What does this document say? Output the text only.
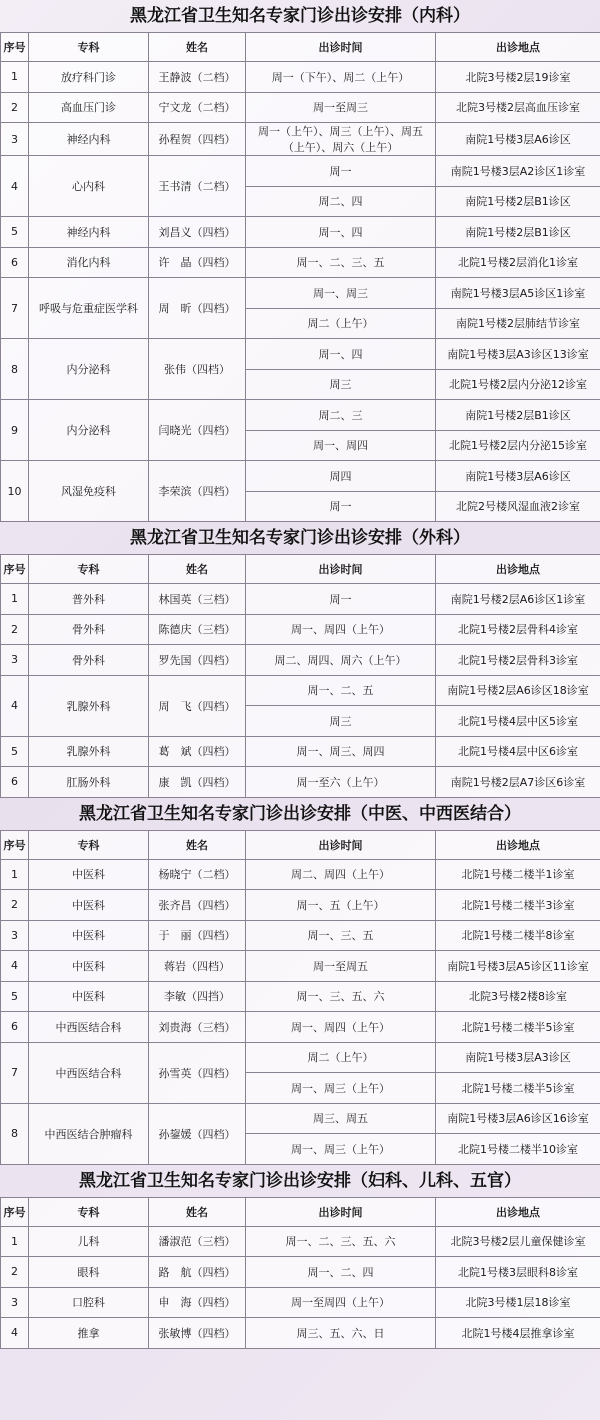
黑龙江省卫生知名专家门诊出诊安排（内科）
序号	专科	姓名	出诊时间	出诊地点
1	放疗科门诊	王静波（二档）	周一（下午）、周二（上午）	北院3号楼2层19诊室
2	高血压门诊	宁文龙（二档）	周一至周三	北院3号楼2层高血压诊室
3	神经内科	孙程贺（四档）	周一（上午）、周三（上午）、周五（上午）、周六（上午）	南院1号楼3层A6诊区
4	心内科	王书清（二档）	周一	南院1号楼3层A2诊区1诊室
			周二、四	南院1号楼2层B1诊区
5	神经内科	刘昌义（四档）	周一、四	南院1号楼2层B1诊区
6	消化内科	许　晶（四档）	周一、二、三、五	北院1号楼2层消化1诊室
7	呼吸与危重症医学科	周　昕（四档）	周一、周三	南院1号楼3层A5诊区1诊室
			周二（上午）	南院1号楼2层肺结节诊室
8	内分泌科	张伟（四档）	周一、四	南院1号楼3层A3诊区13诊室
			周三	北院1号楼2层内分泌12诊室
9	内分泌科	闫晓光（四档）	周二、三	南院1号楼2层B1诊区
			周一、周四	北院1号楼2层内分泌15诊室
10	风湿免疫科	李荣滨（四档）	周四	南院1号楼3层A6诊区
			周一	北院2号楼风湿血液2诊室
黑龙江省卫生知名专家门诊出诊安排（外科）
序号	专科	姓名	出诊时间	出诊地点
1	普外科	林国英（三档）	周一	南院1号楼2层A6诊区1诊室
2	骨外科	陈德庆（三档）	周一、周四（上午）	北院1号楼2层骨科4诊室
3	骨外科	罗先国（四档）	周二、周四、周六（上午）	北院1号楼2层骨科3诊室
4	乳腺外科	周　飞（四档）	周一、二、五	南院1号楼2层A6诊区18诊室
			周三	北院1号楼4层中区5诊室
5	乳腺外科	葛　斌（四档）	周一、周三、周四	北院1号楼4层中区6诊室
6	肛肠外科	康　凯（四档）	周一至六（上午）	南院1号楼2层A7诊区6诊室
黑龙江省卫生知名专家门诊出诊安排（中医、中西医结合）
序号	专科	姓名	出诊时间	出诊地点
1	中医科	杨晓宁（二档）	周二、周四（上午）	北院1号楼二楼半1诊室
2	中医科	张齐昌（四档）	周一、五（上午）	北院1号楼二楼半3诊室
3	中医科	于　丽（四档）	周一、三、五	北院1号楼二楼半8诊室
4	中医科	蒋岩（四档）	周一至周五	南院1号楼3层A5诊区11诊室
5	中医科	李敏（四挡）	周一、三、五、六	北院3号楼2楼8诊室
6	中西医结合科	刘贵海（三档）	周一、周四（上午）	北院1号楼二楼半5诊室
7	中西医结合科	孙雪英（四档）	周二（上午）	南院1号楼3层A3诊区
			周一、周三（上午）	北院1号楼二楼半5诊室
8	中西医结合肿瘤科	孙鋆媛（四档）	周三、周五	南院1号楼3层A6诊区16诊室
			周一、周三（上午）	北院1号楼二楼半10诊室
黑龙江省卫生知名专家门诊出诊安排（妇科、儿科、五官）
序号	专科	姓名	出诊时间	出诊地点
1	儿科	潘淑范（三档）	周一、二、三、五、六	北院3号楼2层儿童保健诊室
2	眼科	路　航（四档）	周一、二、四	北院1号楼3层眼科8诊室
3	口腔科	申　海（四档）	周一至周四（上午）	北院3号楼1层18诊室
4	推拿	张敏博（四档）	周三、五、六、日	北院1号楼4层推拿诊室
